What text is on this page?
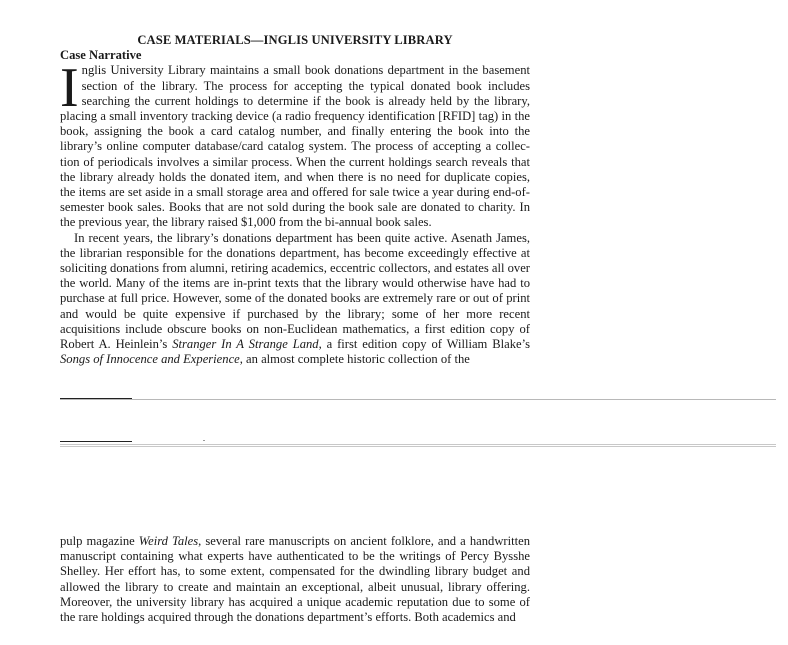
CASE MATERIALS—INGLIS UNIVERSITY LIBRARY

Case Narrative

Inglis University Library maintains a small book donations department in the basement section of the library. The process for accepting the typical donated book includes searching the current holdings to determine if the book is already held by the library, placing a small inventory tracking device (a radio frequency identification [RFID] tag) in the book, assigning the book a card catalog number, and finally entering the book into the library’s online computer database/card catalog system. The process of accepting a collec-tion of periodicals involves a similar process. When the current holdings search reveals that the library already holds the donated item, and when there is no need for duplicate copies, the items are set aside in a small storage area and offered for sale twice a year during end-of-semester book sales. Books that are not sold during the book sale are donated to charity. In the previous year, the library raised $1,000 from the bi-annual book sales.

In recent years, the library’s donations department has been quite active. Asenath James, the librarian responsible for the donations department, has become exceedingly effective at soliciting donations from alumni, retiring academics, eccentric collectors, and estates all over the world. Many of the items are in-print texts that the library would otherwise have had to purchase at full price. However, some of the donated books are extremely rare or out of print and would be quite expensive if purchased by the library; some of her more recent acquisitions include obscure books on non-Euclidean mathematics, a first edition copy of Robert A. Heinlein’s Stranger In A Strange Land, a first edition copy of William Blake’s Songs of Innocence and Experience, an almost complete historic collection of the

pulp magazine Weird Tales, several rare manuscripts on ancient folklore, and a handwritten manuscript containing what experts have authenticated to be the writings of Percy Bysshe Shelley. Her effort has, to some extent, compensated for the dwindling library budget and allowed the library to create and maintain an exceptional, albeit unusual, library offering. Moreover, the university library has acquired a unique academic reputation due to some of the rare holdings acquired through the donations department’s efforts. Both academics and
